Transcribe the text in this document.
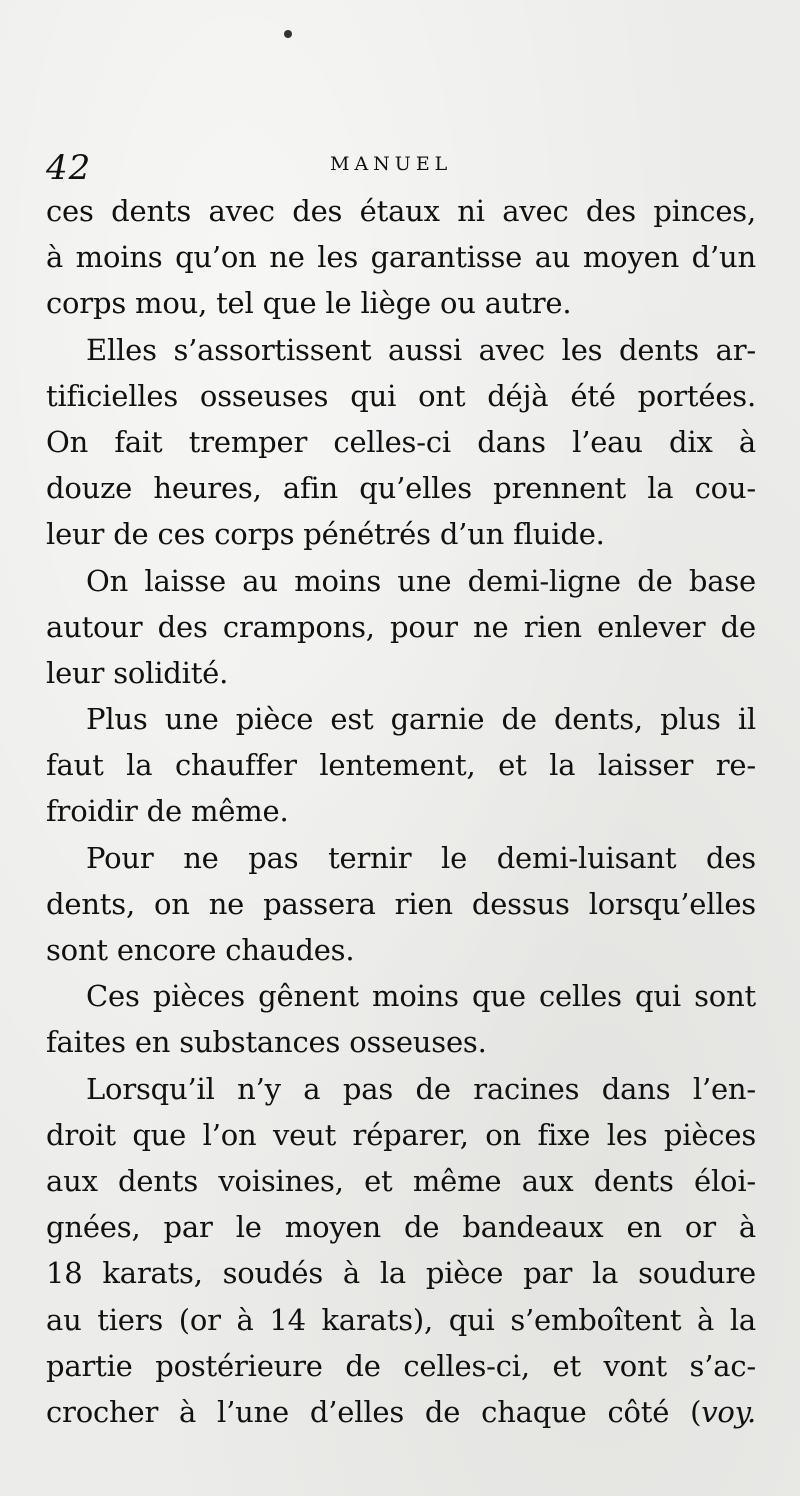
42	MANUEL
ces dents avec des étaux ni avec des pinces,
à moins qu’on ne les garantisse au moyen d’un
corps mou, tel que le liège ou autre.
Elles s’assortissent aussi avec les dents ar-
tificielles osseuses qui ont déjà été portées.
On fait tremper celles-ci dans l’eau dix à
douze heures, afin qu’elles prennent la cou-
leur de ces corps pénétrés d’un fluide.
On laisse au moins une demi-ligne de base
autour des crampons, pour ne rien enlever de
leur solidité.
Plus une pièce est garnie de dents, plus il
faut la chauffer lentement, et la laisser re-
froidir de même.
Pour ne pas ternir le demi-luisant des
dents, on ne passera rien dessus lorsqu’elles
sont encore chaudes.
Ces pièces gênent moins que celles qui sont
faites en substances osseuses.
Lorsqu’il n’y a pas de racines dans l’en-
droit que l’on veut réparer, on fixe les pièces
aux dents voisines, et même aux dents éloi-
gnées, par le moyen de bandeaux en or à
18 karats, soudés à la pièce par la soudure
au tiers (or à 14 karats), qui s’emboîtent à la
partie postérieure de celles-ci, et vont s’ac-
crocher à l’une d’elles de chaque côté (voy.
